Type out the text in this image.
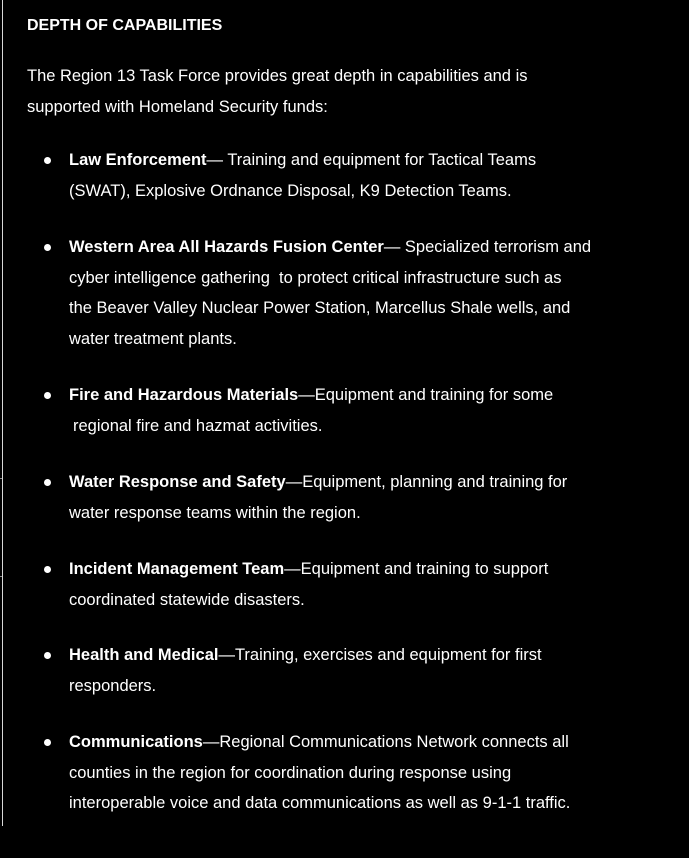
DEPTH OF CAPABILITIES

The Region 13 Task Force provides great depth in capabilities and is
supported with Homeland Security funds:

Law Enforcement— Training and equipment for Tactical Teams
(SWAT), Explosive Ordnance Disposal, K9 Detection Teams.
Western Area All Hazards Fusion Center— Specialized terrorism and
cyber intelligence gathering  to protect critical infrastructure such as
the Beaver Valley Nuclear Power Station, Marcellus Shale wells, and
water treatment plants.
Fire and Hazardous Materials—Equipment and training for some
regional fire and hazmat activities.
Water Response and Safety—Equipment, planning and training for
water response teams within the region.
Incident Management Team—Equipment and training to support
coordinated statewide disasters.
Health and Medical—Training, exercises and equipment for first
responders.
Communications—Regional Communications Network connects all
counties in the region for coordination during response using
interoperable voice and data communications as well as 9-1-1 traffic.
